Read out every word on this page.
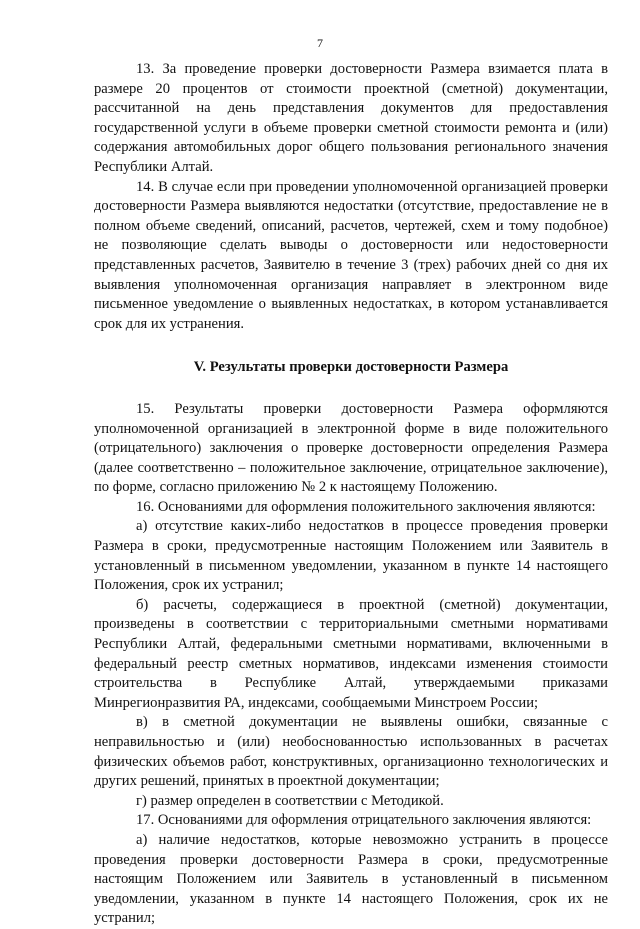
7

13. За проведение проверки достоверности Размера взимается плата в размере 20 процентов от стоимости проектной (сметной) документации, рассчитанной на день представления документов для предоставления государственной услуги в объеме проверки сметной стоимости ремонта и (или) содержания автомобильных дорог общего пользования регионального значения Республики Алтай.

14. В случае если при проведении уполномоченной организацией проверки достоверности Размера выявляются недостатки (отсутствие, предоставление не в полном объеме сведений, описаний, расчетов, чертежей, схем и тому подобное) не позволяющие сделать выводы о достоверности или недостоверности представленных расчетов, Заявителю в течение 3 (трех) рабочих дней со дня их выявления уполномоченная организация направляет в электронном виде письменное уведомление о выявленных недостатках, в котором устанавливается срок для их устранения.

V. Результаты проверки достоверности Размера

15. Результаты проверки достоверности Размера оформляются уполномоченной организацией в электронной форме в виде положительного (отрицательного) заключения о проверке достоверности определения Размера (далее соответственно – положительное заключение, отрицательное заключение), по форме, согласно приложению № 2 к настоящему Положению.

16. Основаниями для оформления положительного заключения являются:

а) отсутствие каких-либо недостатков в процессе проведения проверки Размера в сроки, предусмотренные настоящим Положением или Заявитель в установленный в письменном уведомлении, указанном в пункте 14 настоящего Положения, срок их устранил;

б) расчеты, содержащиеся в проектной (сметной) документации, произведены в соответствии с территориальными сметными нормативами Республики Алтай, федеральными сметными нормативами, включенными в федеральный реестр сметных нормативов, индексами изменения стоимости строительства в Республике Алтай, утверждаемыми приказами Минрегионразвития РА, индексами, сообщаемыми Минстроем России;

в) в сметной документации не выявлены ошибки, связанные с неправильностью и (или) необоснованностью использованных в расчетах физических объемов работ, конструктивных, организационно технологических и других решений, принятых в проектной документации;

г) размер определен в соответствии с Методикой.

17. Основаниями для оформления отрицательного заключения являются:

а) наличие недостатков, которые невозможно устранить в процессе проведения проверки достоверности Размера в сроки, предусмотренные настоящим Положением или Заявитель в установленный в письменном уведомлении, указанном в пункте 14 настоящего Положения, срок их не устранил;
